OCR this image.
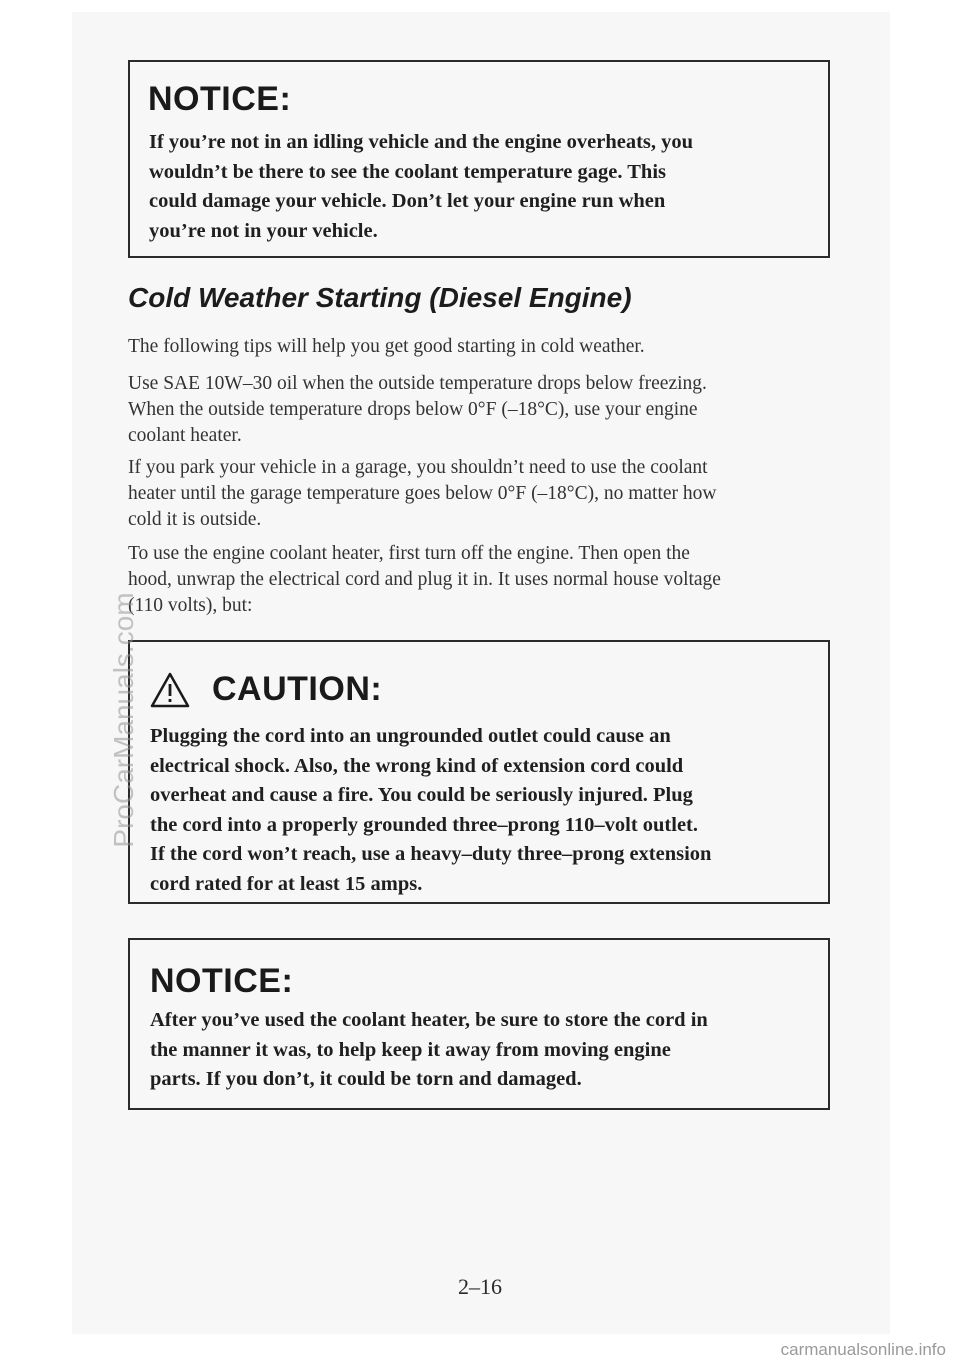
NOTICE:
If you’re not in an idling vehicle and the engine overheats, you
wouldn’t be there to see the coolant temperature gage. This
could damage your vehicle. Don’t let your engine run when
you’re not in your vehicle.
Cold Weather Starting (Diesel Engine)
The following tips will help you get good starting in cold weather.
Use SAE 10W–30 oil when the outside temperature drops below freezing.
When the outside temperature drops below 0°F (–18°C), use your engine
coolant heater.
If you park your vehicle in a garage, you shouldn’t need to use the coolant
heater until the garage temperature goes below 0°F (–18°C), no matter how
cold it is outside.
To use the engine coolant heater, first turn off the engine. Then open the
hood, unwrap the electrical cord and plug it in. It uses normal house voltage
(110 volts), but:
CAUTION:
Plugging the cord into an ungrounded outlet could cause an
electrical shock. Also, the wrong kind of extension cord could
overheat and cause a fire. You could be seriously injured. Plug
the cord into a properly grounded three–prong 110–volt outlet.
If the cord won’t reach, use a heavy–duty three–prong extension
cord rated for at least 15 amps.
NOTICE:
After you’ve used the coolant heater, be sure to store the cord in
the manner it was, to help keep it away from moving engine
parts. If you don’t, it could be torn and damaged.
2–16
ProCarManuals.com
carmanualsonline.info
